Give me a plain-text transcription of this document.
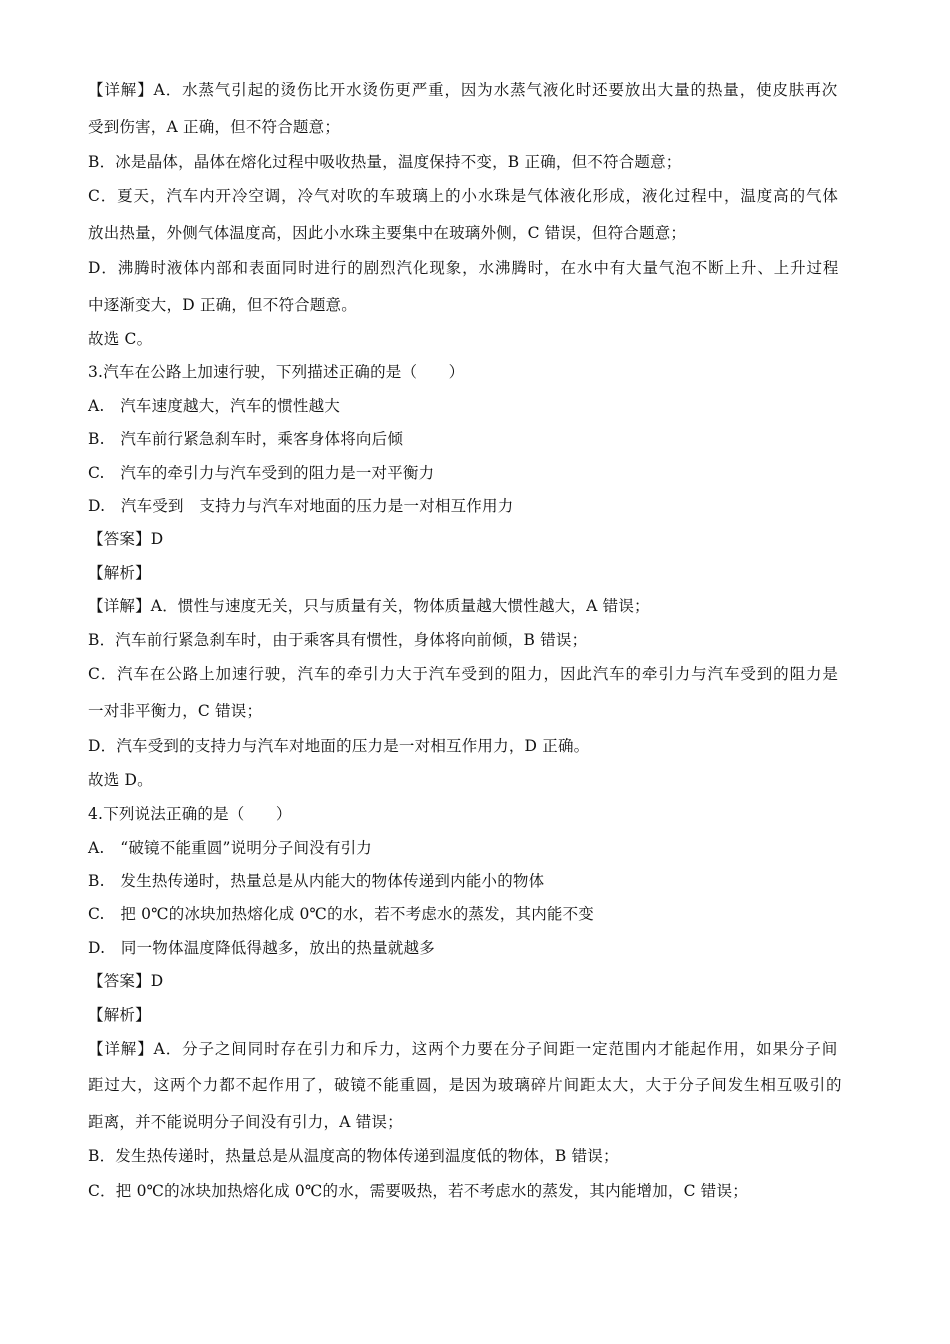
【详解】A．水蒸气引起的烫伤比开水烫伤更严重，因为水蒸气液化时还要放出大量的热量，使皮肤再次
受到伤害，A 正确，但不符合题意；
B．冰是晶体，晶体在熔化过程中吸收热量，温度保持不变，B 正确，但不符合题意；
C．夏天，汽车内开冷空调，冷气对吹的车玻璃上的小水珠是气体液化形成，液化过程中，温度高的气体
放出热量，外侧气体温度高，因此小水珠主要集中在玻璃外侧，C 错误，但符合题意；
D．沸腾时液体内部和表面同时进行的剧烈汽化现象，水沸腾时，在水中有大量气泡不断上升、上升过程
中逐渐变大，D 正确，但不符合题意。
故选 C。
3.汽车在公路上加速行驶，下列描述正确的是（　　）
A.　汽车速度越大，汽车的惯性越大
B.　汽车前行紧急刹车时，乘客身体将向后倾
C.　汽车的牵引力与汽车受到的阻力是一对平衡力
D.　汽车受到　支持力与汽车对地面的压力是一对相互作用力
【答案】D
【解析】
【详解】A．惯性与速度无关，只与质量有关，物体质量越大惯性越大，A 错误；
B．汽车前行紧急刹车时，由于乘客具有惯性，身体将向前倾，B 错误；
C．汽车在公路上加速行驶，汽车的牵引力大于汽车受到的阻力，因此汽车的牵引力与汽车受到的阻力是
一对非平衡力，C 错误；
D．汽车受到的支持力与汽车对地面的压力是一对相互作用力，D 正确。
故选 D。
4.下列说法正确的是（　　）
A.　“破镜不能重圆”说明分子间没有引力
B.　发生热传递时，热量总是从内能大的物体传递到内能小的物体
C.　把 0℃的冰块加热熔化成 0℃的水，若不考虑水的蒸发，其内能不变
D.　同一物体温度降低得越多，放出的热量就越多
【答案】D
【解析】
【详解】A．分子之间同时存在引力和斥力，这两个力要在分子间距一定范围内才能起作用，如果分子间
距过大，这两个力都不起作用了，破镜不能重圆，是因为玻璃碎片间距太大，大于分子间发生相互吸引的
距离，并不能说明分子间没有引力，A 错误；
B．发生热传递时，热量总是从温度高的物体传递到温度低的物体，B 错误；
C．把 0℃的冰块加热熔化成 0℃的水，需要吸热，若不考虑水的蒸发，其内能增加，C 错误；
